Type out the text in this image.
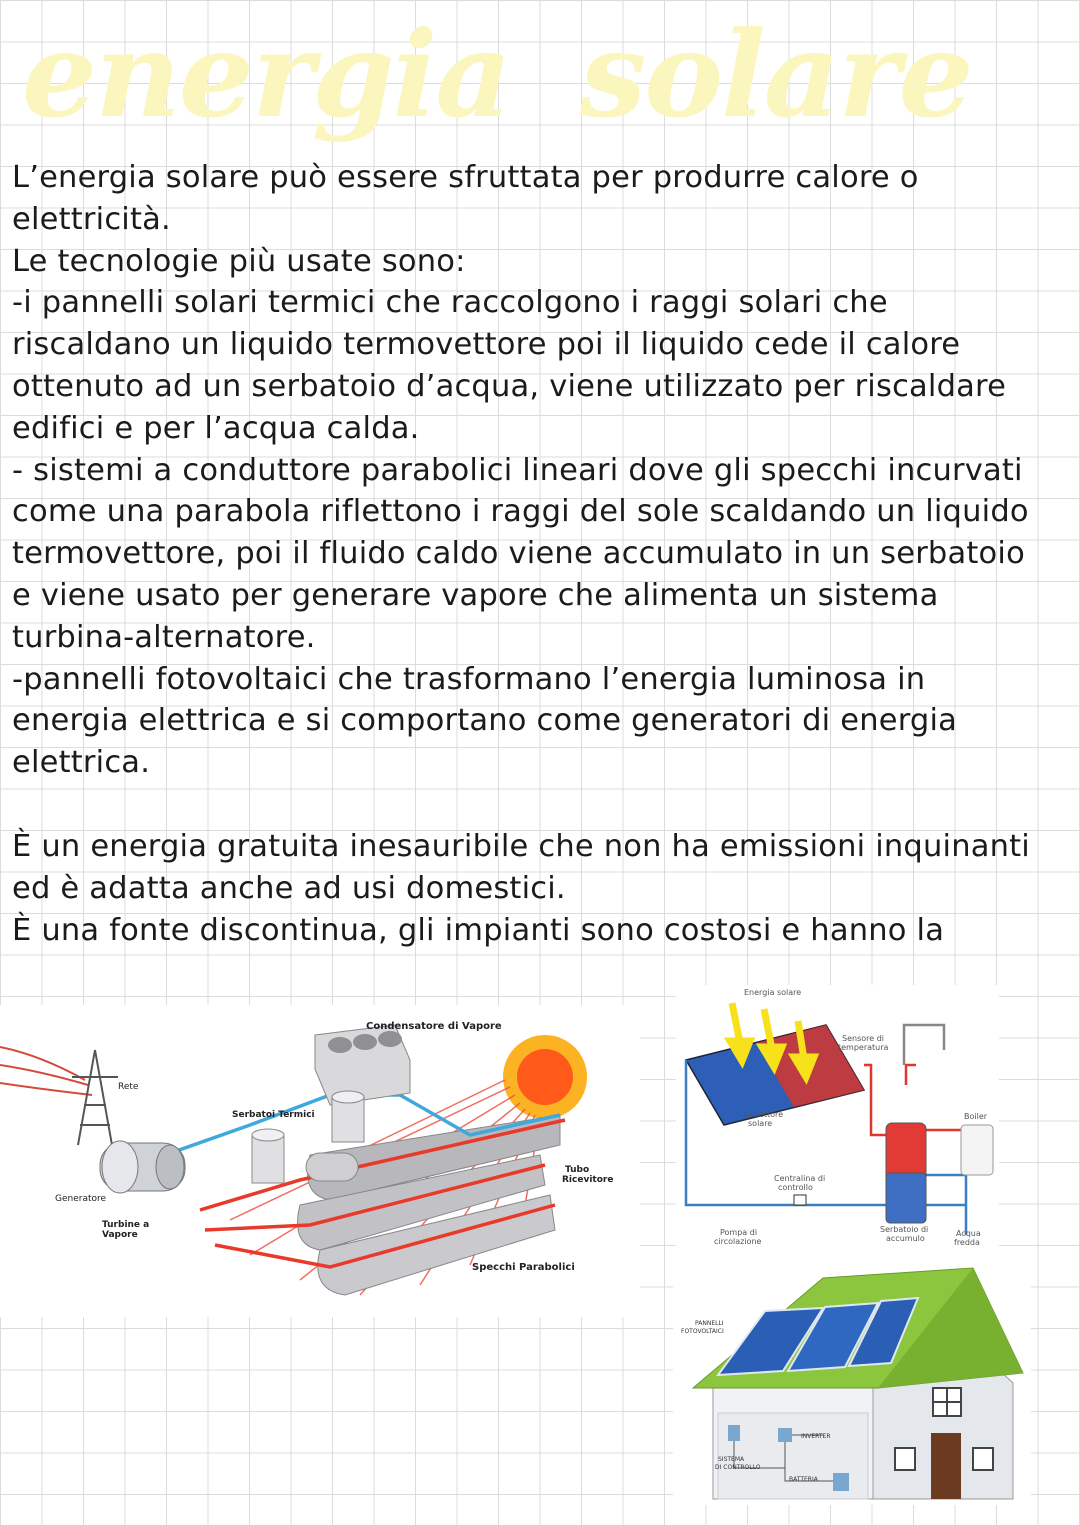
energia solare

L’energia solare può essere sfruttata per produrre calore o

elettricità.

Le tecnologie più usate sono:

-i pannelli solari termici che raccolgono i raggi solari che

riscaldano un liquido termovettore poi il liquido cede il calore

ottenuto ad un serbatoio d’acqua, viene utilizzato per riscaldare

edifici e per l’acqua calda.

- sistemi a conduttore parabolici lineari dove gli specchi incurvati

come una parabola riflettono i raggi del sole scaldando un liquido

termovettore, poi il fluido caldo viene accumulato in un serbatoio

e viene usato per generare vapore che alimenta un sistema

turbina-alternatore.

-pannelli fotovoltaici che trasformano l’energia luminosa in

energia elettrica e si comportano come generatori di energia

elettrica.

È un energia gratuita inesauribile che non ha emissioni inquinanti

ed è adatta anche ad usi domestici.

È una fonte discontinua, gli impianti sono costosi e hanno la

Condensatore di Vapore
Rete
Serbatoi Termici
Tubo
Ricevitore
Generatore
Turbine a
Vapore
Specchi Parabolici
Energia solare
Sensore di
temperatura
Boiler
Collettore
solare
Centralina di
controllo
Pompa di
circolazione
Serbatoio di
accumulo
Acqua
fredda
PANNELLI
FOTOVOLTAICI
INVERTER
SISTEMA
DI CONTROLLO
BATTERIA
